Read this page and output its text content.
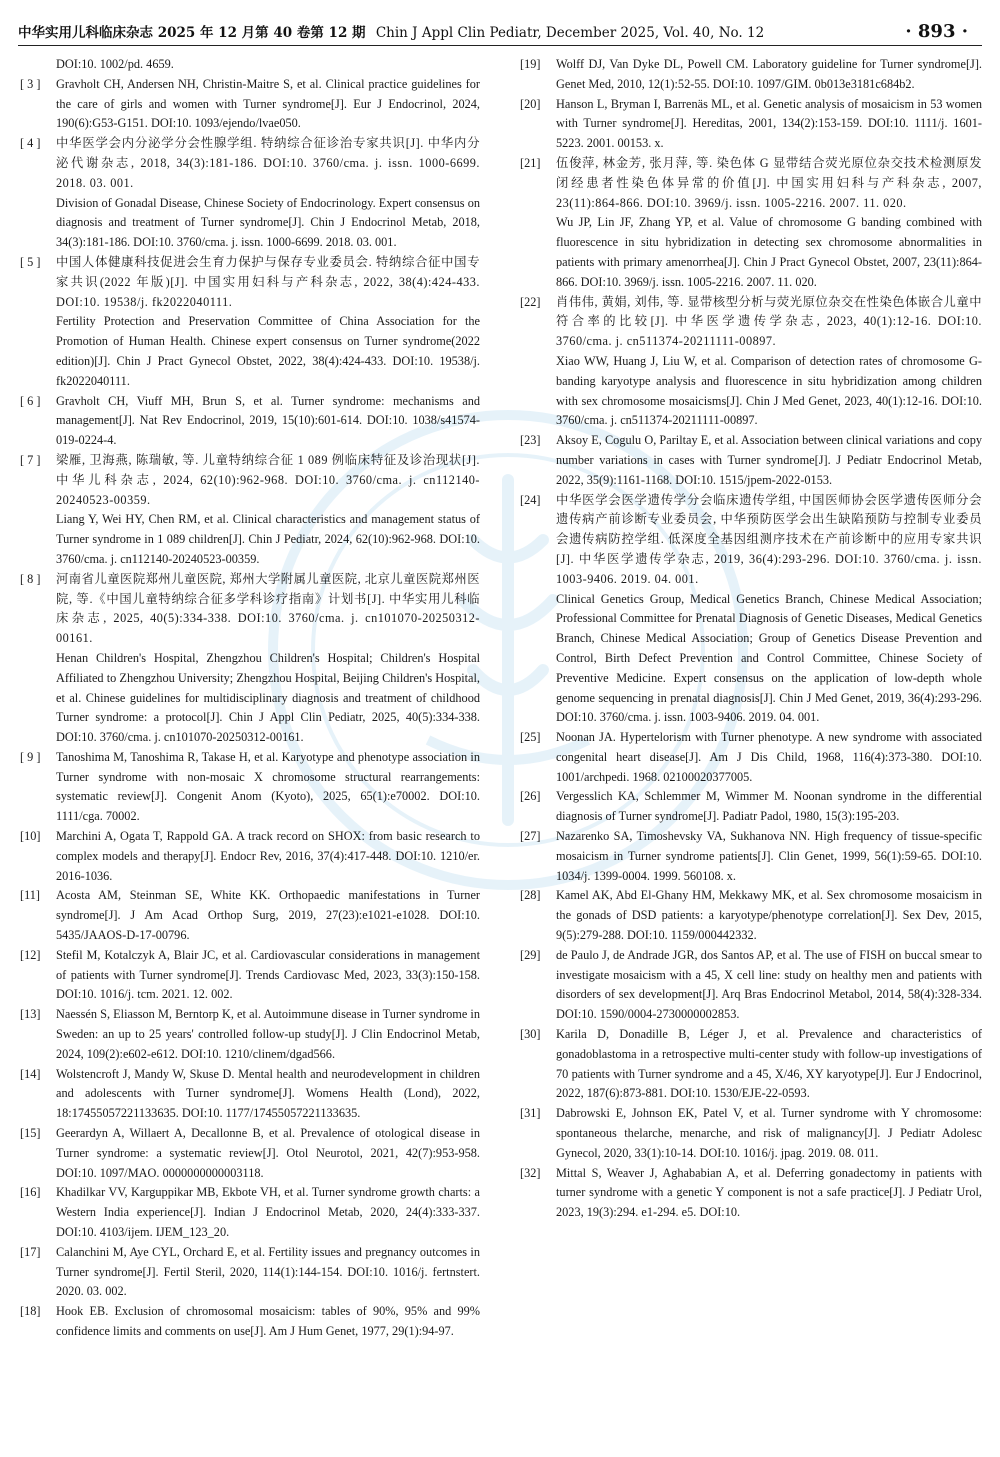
中华实用儿科临床杂志 2025 年 12 月第 40 卷第 12 期 Chin J Appl Clin Pediatr, December 2025, Vol. 40, No. 12	· 893 ·
DOI:10. 1002/pd. 4659.
[ 3 ] Gravholt CH, Andersen NH, Christin-Maitre S, et al. Clinical practice guidelines for the care of girls and women with Turner syndrome[J]. Eur J Endocrinol, 2024, 190(6):G53-G151. DOI:10. 1093/ejendo/lvae050.
[ 4 ] 中华医学会内分泌学分会性腺学组. 特纳综合征诊治专家共识[J]. 中华内分泌代谢杂志, 2018, 34(3):181-186. DOI:10. 3760/cma. j. issn. 1000-6699. 2018. 03. 001.
Division of Gonadal Disease, Chinese Society of Endocrinology. Expert consensus on diagnosis and treatment of Turner syndrome[J]. Chin J Endocrinol Metab, 2018, 34(3):181-186. DOI:10. 3760/cma. j. issn. 1000-6699. 2018. 03. 001.
[ 5 ] 中国人体健康科技促进会生育力保护与保存专业委员会. 特纳综合征中国专家共识(2022 年版)[J]. 中国实用妇科与产科杂志, 2022, 38(4):424-433. DOI:10. 19538/j. fk2022040111.
Fertility Protection and Preservation Committee of China Association for the Promotion of Human Health. Chinese expert consensus on Turner syndrome(2022 edition)[J]. Chin J Pract Gynecol Obstet, 2022, 38(4):424-433. DOI:10. 19538/j. fk2022040111.
[ 6 ] Gravholt CH, Viuff MH, Brun S, et al. Turner syndrome: mechanisms and management[J]. Nat Rev Endocrinol, 2019, 15(10):601-614. DOI:10. 1038/s41574-019-0224-4.
[ 7 ] 梁雁, 卫海燕, 陈瑞敏, 等. 儿童特纳综合征 1 089 例临床特征及诊治现状[J]. 中华儿科杂志, 2024, 62(10):962-968. DOI:10. 3760/cma. j. cn112140-20240523-00359.
Liang Y, Wei HY, Chen RM, et al. Clinical characteristics and management status of Turner syndrome in 1 089 children[J]. Chin J Pediatr, 2024, 62(10):962-968. DOI:10. 3760/cma. j. cn112140-20240523-00359.
[ 8 ] 河南省儿童医院郑州儿童医院, 郑州大学附属儿童医院, 北京儿童医院郑州医院, 等.《中国儿童特纳综合征多学科诊疗指南》计划书[J]. 中华实用儿科临床杂志, 2025, 40(5):334-338. DOI:10. 3760/cma. j. cn101070-20250312-00161.
Henan Children's Hospital, Zhengzhou Children's Hospital; Children's Hospital Affiliated to Zhengzhou University; Zhengzhou Hospital, Beijing Children's Hospital, et al. Chinese guidelines for multidisciplinary diagnosis and treatment of childhood Turner syndrome: a protocol[J]. Chin J Appl Clin Pediatr, 2025, 40(5):334-338. DOI:10. 3760/cma. j. cn101070-20250312-00161.
[ 9 ] Tanoshima M, Tanoshima R, Takase H, et al. Karyotype and phenotype association in Turner syndrome with non-mosaic X chromosome structural rearrangements: systematic review[J]. Congenit Anom (Kyoto), 2025, 65(1):e70002. DOI:10. 1111/cga. 70002.
[10] Marchini A, Ogata T, Rappold GA. A track record on SHOX: from basic research to complex models and therapy[J]. Endocr Rev, 2016, 37(4):417-448. DOI:10. 1210/er. 2016-1036.
[11] Acosta AM, Steinman SE, White KK. Orthopaedic manifestations in Turner syndrome[J]. J Am Acad Orthop Surg, 2019, 27(23):e1021-e1028. DOI:10. 5435/JAAOS-D-17-00796.
[12] Stefil M, Kotalczyk A, Blair JC, et al. Cardiovascular considerations in management of patients with Turner syndrome[J]. Trends Cardiovasc Med, 2023, 33(3):150-158. DOI:10. 1016/j. tcm. 2021. 12. 002.
[13] Naessén S, Eliasson M, Berntorp K, et al. Autoimmune disease in Turner syndrome in Sweden: an up to 25 years' controlled follow-up study[J]. J Clin Endocrinol Metab, 2024, 109(2):e602-e612. DOI:10. 1210/clinem/dgad566.
[14] Wolstencroft J, Mandy W, Skuse D. Mental health and neurodevelopment in children and adolescents with Turner syndrome[J]. Womens Health (Lond), 2022, 18:17455057221133635. DOI:10. 1177/17455057221133635.
[15] Geerardyn A, Willaert A, Decallonne B, et al. Prevalence of otological disease in Turner syndrome: a systematic review[J]. Otol Neurotol, 2021, 42(7):953-958. DOI:10. 1097/MAO. 0000000000003118.
[16] Khadilkar VV, Karguppikar MB, Ekbote VH, et al. Turner syndrome growth charts: a Western India experience[J]. Indian J Endocrinol Metab, 2020, 24(4):333-337. DOI:10. 4103/ijem. IJEM_123_20.
[17] Calanchini M, Aye CYL, Orchard E, et al. Fertility issues and pregnancy outcomes in Turner syndrome[J]. Fertil Steril, 2020, 114(1):144-154. DOI:10. 1016/j. fertnstert. 2020. 03. 002.
[18] Hook EB. Exclusion of chromosomal mosaicism: tables of 90%, 95% and 99% confidence limits and comments on use[J]. Am J Hum Genet, 1977, 29(1):94-97.
[19] Wolff DJ, Van Dyke DL, Powell CM. Laboratory guideline for Turner syndrome[J]. Genet Med, 2010, 12(1):52-55. DOI:10. 1097/GIM. 0b013e3181c684b2.
[20] Hanson L, Bryman I, Barrenäs ML, et al. Genetic analysis of mosaicism in 53 women with Turner syndrome[J]. Hereditas, 2001, 134(2):153-159. DOI:10. 1111/j. 1601-5223. 2001. 00153. x.
[21] 伍俊萍, 林金芳, 张月萍, 等. 染色体 G 显带结合荧光原位杂交技术检测原发闭经患者性染色体异常的价值[J]. 中国实用妇科与产科杂志, 2007, 23(11):864-866. DOI:10. 3969/j. issn. 1005-2216. 2007. 11. 020.
Wu JP, Lin JF, Zhang YP, et al. Value of chromosome G banding combined with fluorescence in situ hybridization in detecting sex chromosome abnormalities in patients with primary amenorrhea[J]. Chin J Pract Gynecol Obstet, 2007, 23(11):864-866. DOI:10. 3969/j. issn. 1005-2216. 2007. 11. 020.
[22] 肖伟伟, 黄娟, 刘伟, 等. 显带核型分析与荧光原位杂交在性染色体嵌合儿童中符合率的比较[J]. 中华医学遗传学杂志, 2023, 40(1):12-16. DOI:10. 3760/cma. j. cn511374-20211111-00897.
Xiao WW, Huang J, Liu W, et al. Comparison of detection rates of chromosome G-banding karyotype analysis and fluorescence in situ hybridization among children with sex chromosome mosaicisms[J]. Chin J Med Genet, 2023, 40(1):12-16. DOI:10. 3760/cma. j. cn511374-20211111-00897.
[23] Aksoy E, Cogulu O, Pariltay E, et al. Association between clinical variations and copy number variations in cases with Turner syndrome[J]. J Pediatr Endocrinol Metab, 2022, 35(9):1161-1168. DOI:10. 1515/jpem-2022-0153.
[24] 中华医学会医学遗传学分会临床遗传学组, 中国医师协会医学遗传医师分会遗传病产前诊断专业委员会, 中华预防医学会出生缺陷预防与控制专业委员会遗传病防控学组. 低深度全基因组测序技术在产前诊断中的应用专家共识[J]. 中华医学遗传学杂志, 2019, 36(4):293-296. DOI:10. 3760/cma. j. issn. 1003-9406. 2019. 04. 001.
Clinical Genetics Group, Medical Genetics Branch, Chinese Medical Association; Professional Committee for Prenatal Diagnosis of Genetic Diseases, Medical Genetics Branch, Chinese Medical Association; Group of Genetics Disease Prevention and Control, Birth Defect Prevention and Control Committee, Chinese Society of Preventive Medicine. Expert consensus on the application of low-depth whole genome sequencing in prenatal diagnosis[J]. Chin J Med Genet, 2019, 36(4):293-296. DOI:10. 3760/cma. j. issn. 1003-9406. 2019. 04. 001.
[25] Noonan JA. Hypertelorism with Turner phenotype. A new syndrome with associated congenital heart disease[J]. Am J Dis Child, 1968, 116(4):373-380. DOI:10. 1001/archpedi. 1968. 02100020377005.
[26] Vergesslich KA, Schlemmer M, Wimmer M. Noonan syndrome in the differential diagnosis of Turner syndrome[J]. Padiatr Padol, 1980, 15(3):195-203.
[27] Nazarenko SA, Timoshevsky VA, Sukhanova NN. High frequency of tissue-specific mosaicism in Turner syndrome patients[J]. Clin Genet, 1999, 56(1):59-65. DOI:10. 1034/j. 1399-0004. 1999. 560108. x.
[28] Kamel AK, Abd El-Ghany HM, Mekkawy MK, et al. Sex chromosome mosaicism in the gonads of DSD patients: a karyotype/phenotype correlation[J]. Sex Dev, 2015, 9(5):279-288. DOI:10. 1159/000442332.
[29] de Paulo J, de Andrade JGR, dos Santos AP, et al. The use of FISH on buccal smear to investigate mosaicism with a 45, X cell line: study on healthy men and patients with disorders of sex development[J]. Arq Bras Endocrinol Metabol, 2014, 58(4):328-334. DOI:10. 1590/0004-2730000002853.
[30] Karila D, Donadille B, Léger J, et al. Prevalence and characteristics of gonadoblastoma in a retrospective multi-center study with follow-up investigations of 70 patients with Turner syndrome and a 45, X/46, XY karyotype[J]. Eur J Endocrinol, 2022, 187(6):873-881. DOI:10. 1530/EJE-22-0593.
[31] Dabrowski E, Johnson EK, Patel V, et al. Turner syndrome with Y chromosome: spontaneous thelarche, menarche, and risk of malignancy[J]. J Pediatr Adolesc Gynecol, 2020, 33(1):10-14. DOI:10. 1016/j. jpag. 2019. 08. 011.
[32] Mittal S, Weaver J, Aghababian A, et al. Deferring gonadectomy in patients with turner syndrome with a genetic Y component is not a safe practice[J]. J Pediatr Urol, 2023, 19(3):294. e1-294. e5. DOI:10.
